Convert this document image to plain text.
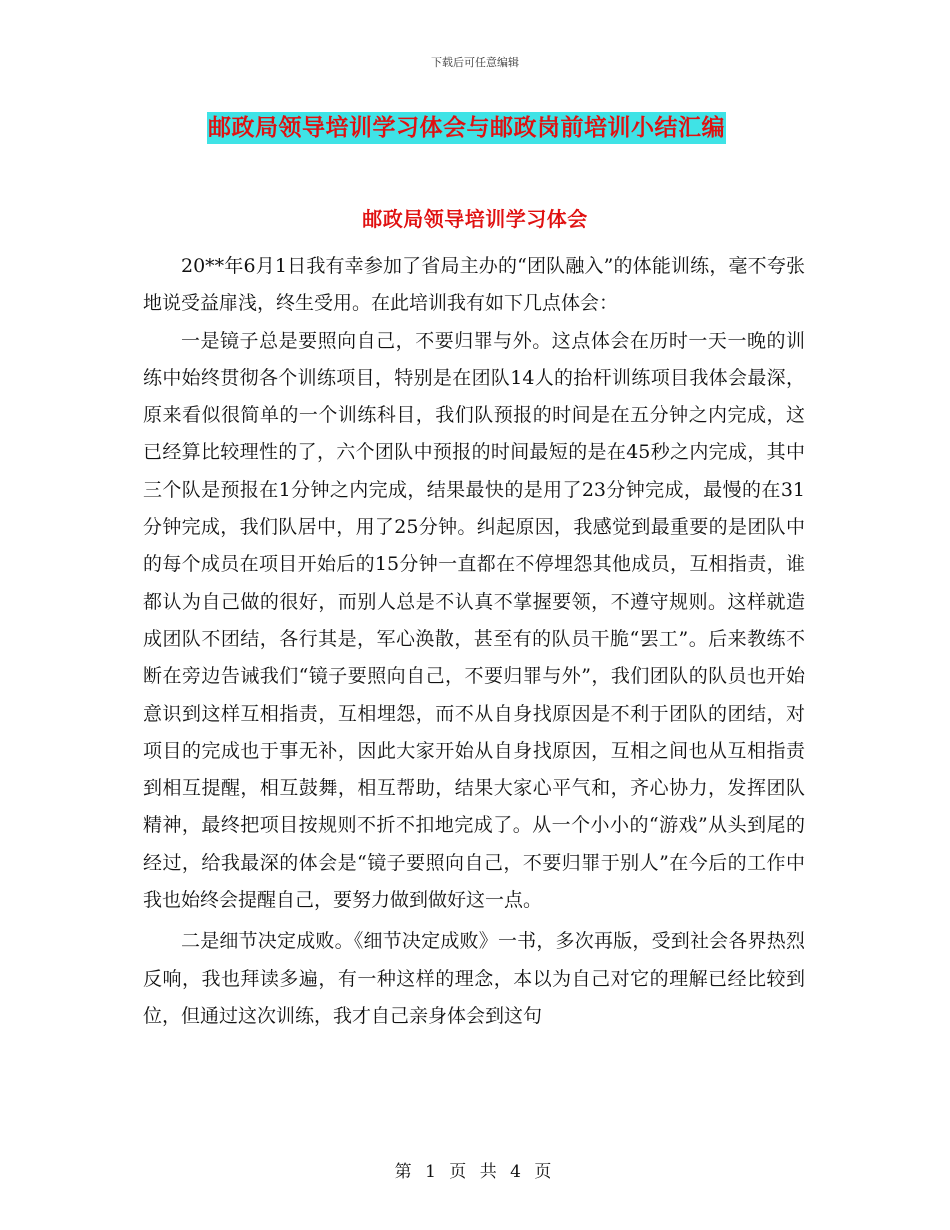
下载后可任意编辑
邮政局领导培训学习体会与邮政岗前培训小结汇编
邮政局领导培训学习体会

20**年6月1日我有幸参加了省局主办的“团队融入”的体能训练，毫不夸张地说受益扉浅，终生受用。在此培训我有如下几点体会：

一是镜子总是要照向自己，不要归罪与外。这点体会在历时一天一晚的训练中始终贯彻各个训练项目，特别是在团队14人的抬杆训练项目我体会最深，原来看似很简单的一个训练科目，我们队预报的时间是在五分钟之内完成，这已经算比较理性的了，六个团队中预报的时间最短的是在45秒之内完成，其中三个队是预报在1分钟之内完成，结果最快的是用了23分钟完成，最慢的在31分钟完成，我们队居中，用了25分钟。纠起原因，我感觉到最重要的是团队中的每个成员在项目开始后的15分钟一直都在不停埋怨其他成员，互相指责，谁都认为自己做的很好，而别人总是不认真不掌握要领，不遵守规则。这样就造成团队不团结，各行其是，军心涣散，甚至有的队员干脆“罢工”。后来教练不断在旁边告诫我们“镜子要照向自己，不要归罪与外”，我们团队的队员也开始意识到这样互相指责，互相埋怨，而不从自身找原因是不利于团队的团结，对项目的完成也于事无补，因此大家开始从自身找原因，互相之间也从互相指责到相互提醒，相互鼓舞，相互帮助，结果大家心平气和，齐心协力，发挥团队精神，最终把项目按规则不折不扣地完成了。从一个小小的“游戏”从头到尾的经过，给我最深的体会是“镜子要照向自己，不要归罪于别人”在今后的工作中我也始终会提醒自己，要努力做到做好这一点。

二是细节决定成败。《细节决定成败》一书，多次再版，受到社会各界热烈反响，我也拜读多遍，有一种这样的理念，本以为自己对它的理解已经比较到位，但通过这次训练，我才自己亲身体会到这句

第 1 页 共 4 页
